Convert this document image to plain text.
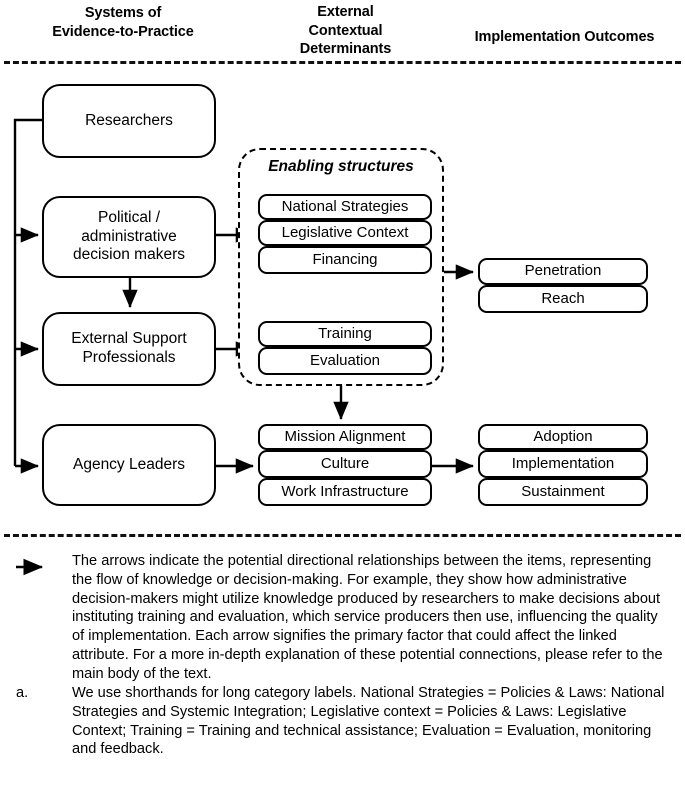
Systems of
Evidence-to-Practice
External
Contextual
Determinants
Implementation Outcomes
Researchers
Political /
administrative
decision makers
External Support
Professionals
Agency Leaders
Enabling structures
National Strategies
Legislative Context
Financing
Training
Evaluation
Mission Alignment
Culture
Work Infrastructure
Penetration
Reach
Adoption
Implementation
Sustainment
The arrows indicate the potential directional relationships between the items, representing the flow of knowledge or decision-making. For example, they show how administrative decision-makers might utilize knowledge produced by researchers to make decisions about instituting training and evaluation, which service producers then use, influencing the quality of implementation. Each arrow signifies the primary factor that could affect the linked attribute. For a more in-depth explanation of these potential connections, please refer to the main body of the text.
a.	We use shorthands for long category labels. National Strategies = Policies & Laws: National Strategies and Systemic Integration; Legislative context = Policies & Laws: Legislative Context; Training = Training and technical assistance; Evaluation = Evaluation, monitoring and feedback.
